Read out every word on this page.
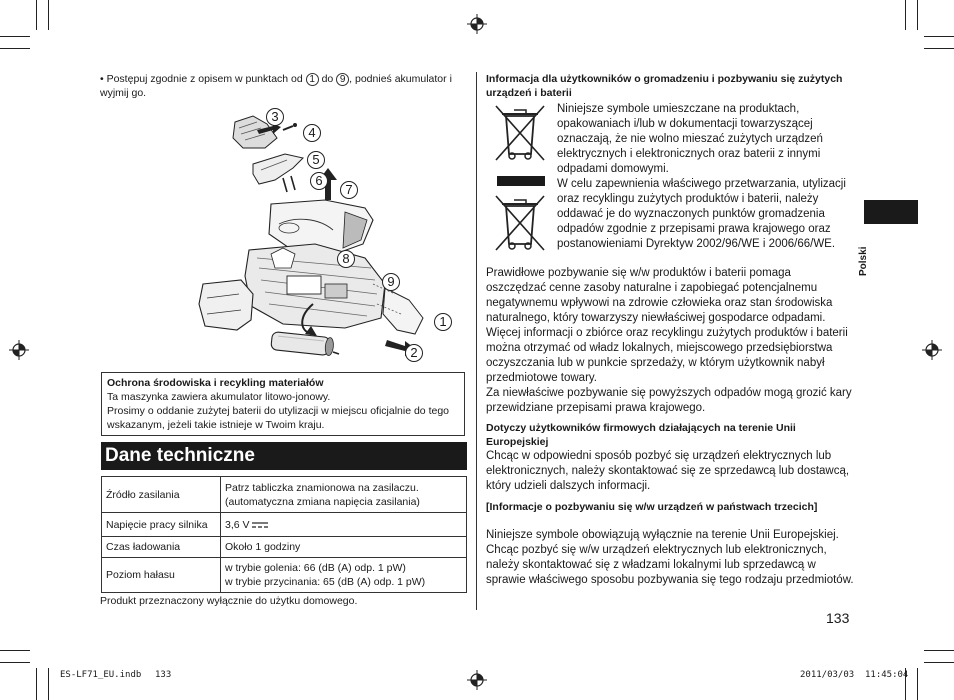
• Postępuj zgodnie z opisem w punktach od 1 do 9 , podnieś akumulator i wyjmij go.
3
4
5
6
7
8
9
1
2
Ochrona środowiska i recykling materiałów
Ta maszynka zawiera akumulator litowo-jonowy.
Prosimy o oddanie zużytej baterii do utylizacji w miejscu oficjalnie do tego wskazanym, jeżeli takie istnieje w Twoim kraju.
Dane techniczne
Źródło zasilania	Patrz tabliczka znamionowa na zasilaczu. (automatyczna zmiana napięcia zasilania)
Napięcie pracy silnika	3,6 V
Czas ładowania	Około 1 godziny
Poziom hałasu	w trybie golenia: 66 (dB (A) odp. 1 pW)
w trybie przycinania: 65 (dB (A) odp. 1 pW)
Produkt przeznaczony wyłącznie do użytku domowego.
Informacja dla użytkowników o gromadzeniu i pozbywaniu się zużytych urządzeń i baterii
Niniejsze symbole umieszczane na produktach, opakowaniach i/lub w dokumentacji towarzyszącej oznaczają, że nie wolno mieszać zużytych urządzeń elektrycznych i elektronicznych oraz baterii z innymi odpadami domowymi.
W celu zapewnienia właściwego przetwarzania, utylizacji oraz recyklingu zużytych produktów i baterii, należy oddawać je do wyznaczonych punktów gromadzenia odpadów zgodnie z przepisami prawa krajowego oraz postanowieniami Dyrektyw 2002/96/WE i 2006/66/WE.
Prawidłowe pozbywanie się w/w produktów i baterii pomaga oszczędzać cenne zasoby naturalne i zapobiegać potencjalnemu negatywnemu wpływowi na zdrowie człowieka oraz stan środowiska naturalnego, który towarzyszy niewłaściwej gospodarce odpadami. Więcej informacji o zbiórce oraz recyklingu zużytych produktów i baterii można otrzymać od władz lokalnych, miejscowego przedsiębiorstwa oczyszczania lub w punkcie sprzedaży, w którym użytkownik nabył przedmiotowe towary.
Za niewłaściwe pozbywanie się powyższych odpadów mogą grozić kary przewidziane przepisami prawa krajowego.
Dotyczy użytkowników firmowych działających na terenie Unii Europejskiej
Chcąc w odpowiedni sposób pozbyć się urządzeń elektrycznych lub elektronicznych, należy skontaktować się ze sprzedawcą lub dostawcą, który udzieli dalszych informacji.
[Informacje o pozbywaniu się w/w urządzeń w państwach trzecich]
Niniejsze symbole obowiązują wyłącznie na terenie Unii Europejskiej. Chcąc pozbyć się w/w urządzeń elektrycznych lub elektronicznych, należy skontaktować się z władzami lokalnymi lub sprzedawcą w sprawie właściwego sposobu pozbywania się tego rodzaju przedmiotów.
Polski
133
ES-LF71_EU.indb 133	2011/03/03 11:45:04
